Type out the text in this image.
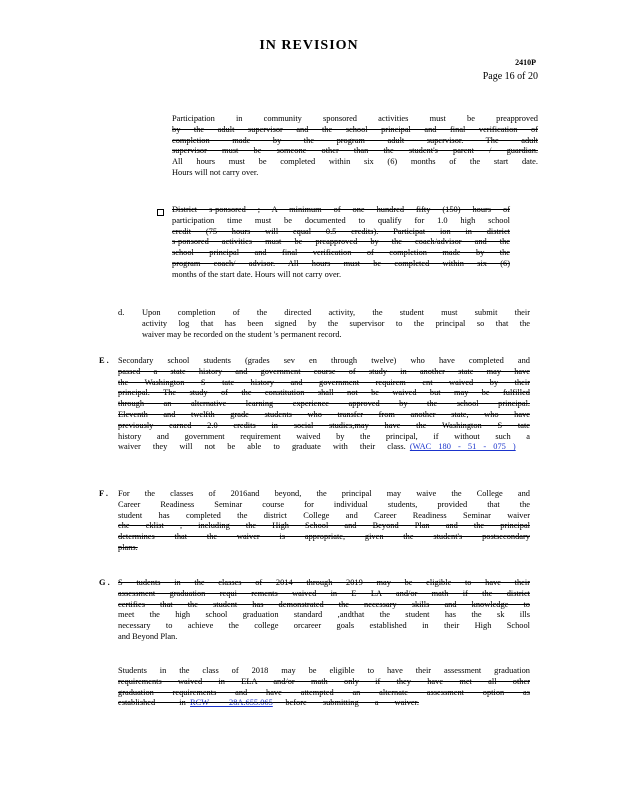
IN REVISION
2410P
Page 16 of 20
Participation in community sponsored activities must be preapproved
by the adult supervisor and the school principal and final verification of
completion made by the program adult supervisor. The adult
supervisor must be someone other than the student's parent / guardian.
All hours must be completed within six (6) months of the start date.
Hours will not carry over.
District s-ponsored ; A minimum of one hundred fifty (150) hours of
participation time must be documented to qualify for 1.0 high school
credit (75 hours will equal 0.5 credits). Participat ion in district
s-ponsored activities must be preapproved by the coach/advisor and the
school principal and final verification of completion made by the
program coach/ advisor. All hours must be completed within six (6)
months of the start date. Hours will not carry over.
d. Upon completion of the directed activity, the student must submit their
activity log that has been signed by the supervisor to the principal so that the
waiver may be recorded on the student 's permanent record.
E . Secondary school students (grades sev en through twelve) who have completed and
passed a state history and government course of study in another state may have
the Washington S tate history and government requirem ent waived by their
principal. The study of the constitution shall not be waived but may be fulfilled
through an alternative learning experience approved by the school principal.
Eleventh and twelfth grade students who transfer from another state, who have
previously earned 2.0 credits in social studies,may have the Washington S tate
history and government requirement waived by the principal, if without such a
waiver they will not be able to graduate with their class. (WAC 180 - 51 - 075 )
F . For the classes of 2016and beyond, the principal may waive the College and
Career Readiness Seminar course for individual students, provided that the
student has completed the district College and Career Readiness Seminar waiver
che cklist , including the High School and Beyond Plan and the principal
determines that the waiver is appropriate, given the student's postsecondary
plans.
G . S tudents in the classes of 2014 through 2019 may be eligible to have their
assessment graduation requi rements waived in E LA and/or math if the district
certifies that the student has demonstrated the necessary skills and knowledge to
meet the high school graduation standard ,andthat the student has the sk ills
necessary to achieve the college orcareer goals established in their High School
and Beyond Plan.
Students in the class of 2018 may be eligible to have their assessment graduation
requirements waived in ELA and/or math only if they have met all other
graduation requirements and have attempted an alternate assessment option as
established in RCW 28A.655.065 before submitting a waiver.
